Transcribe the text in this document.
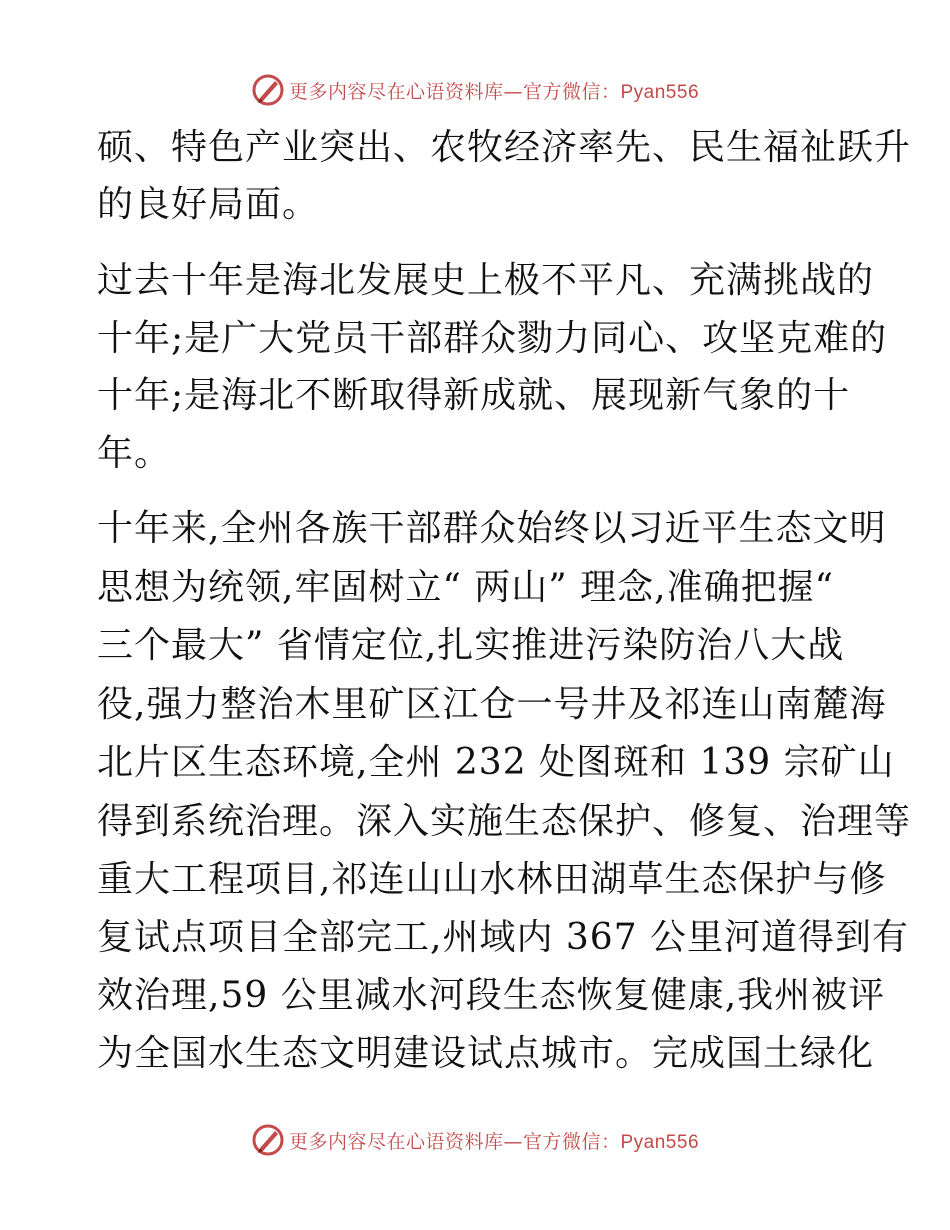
更多内容尽在心语资料库—官方微信：Pyan556
硕、特色产业突出、农牧经济率先、民生福祉跃升
的良好局面。
过去十年是海北发展史上极不平凡、充满挑战的
十年;是广大党员干部群众勠力同心、攻坚克难的
十年;是海北不断取得新成就、展现新气象的十
年。
十年来,全州各族干部群众始终以习近平生态文明
思想为统领,牢固树立“ 两山” 理念,准确把握“
三个最大” 省情定位,扎实推进污染防治八大战
役,强力整治木里矿区江仓一号井及祁连山南麓海
北片区生态环境,全州 232 处图斑和 139 宗矿山
得到系统治理。深入实施生态保护、修复、治理等
重大工程项目,祁连山山水林田湖草生态保护与修
复试点项目全部完工,州域内 367 公里河道得到有
效治理,59 公里减水河段生态恢复健康,我州被评
为全国水生态文明建设试点城市。完成国土绿化
更多内容尽在心语资料库—官方微信：Pyan556
